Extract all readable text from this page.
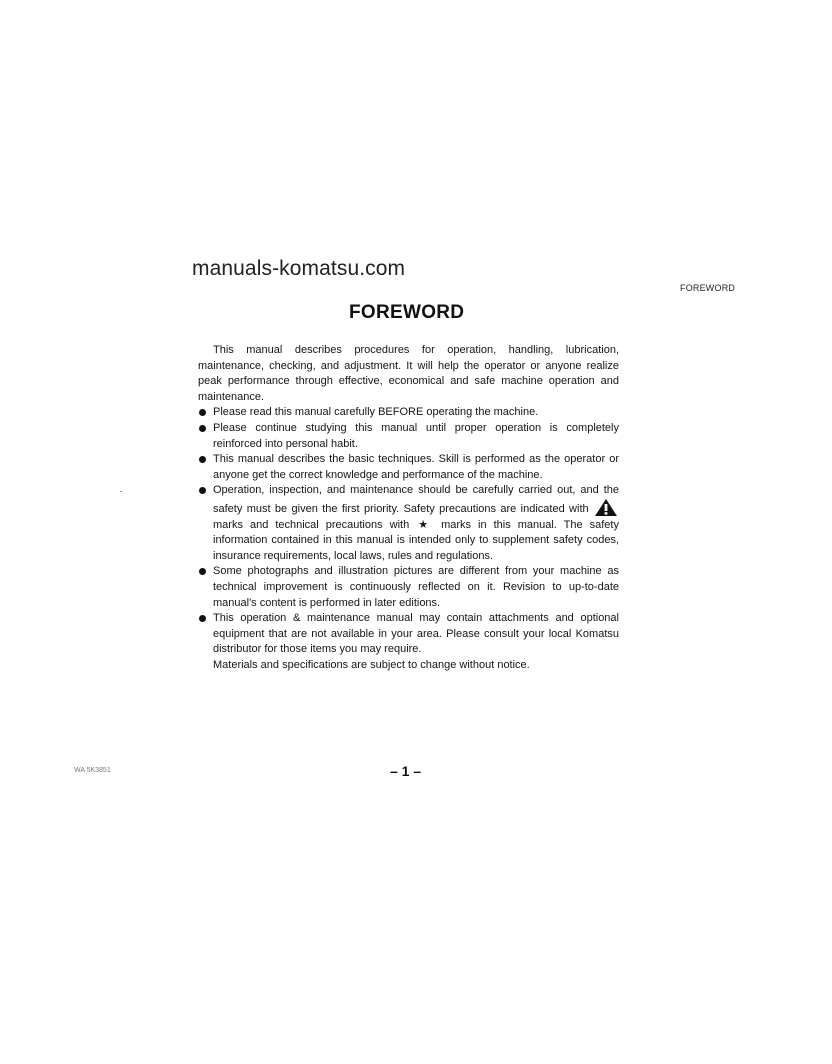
manuals-komatsu.com
FOREWORD
FOREWORD

This manual describes procedures for operation, handling, lubrication, maintenance, checking, and adjustment. It will help the operator or anyone realize peak performance through effective, economical and safe machine operation and maintenance.

Please read this manual carefully BEFORE operating the machine.
Please continue studying this manual until proper operation is completely reinforced into personal habit.
This manual describes the basic techniques. Skill is performed as the operator or anyone get the correct knowledge and performance of the machine.
Operation, inspection, and maintenance should be carefully carried out, and the safety must be given the first priority. Safety precautions are indicated with  marks and technical precautions with ★ marks in this manual. The safety information contained in this manual is intended only to supplement safety codes, insurance requirements, local laws, rules and regulations.
Some photographs and illustration pictures are different from your machine as technical improvement is continuously reflected on it. Revision to up-to-date manual's content is performed in later editions.
This operation & maintenance manual may contain attachments and optional equipment that are not available in your area. Please consult your local Komatsu distributor for those items you may require.

Materials and specifications are subject to change without notice.

WA 5K3851	– 1 –
